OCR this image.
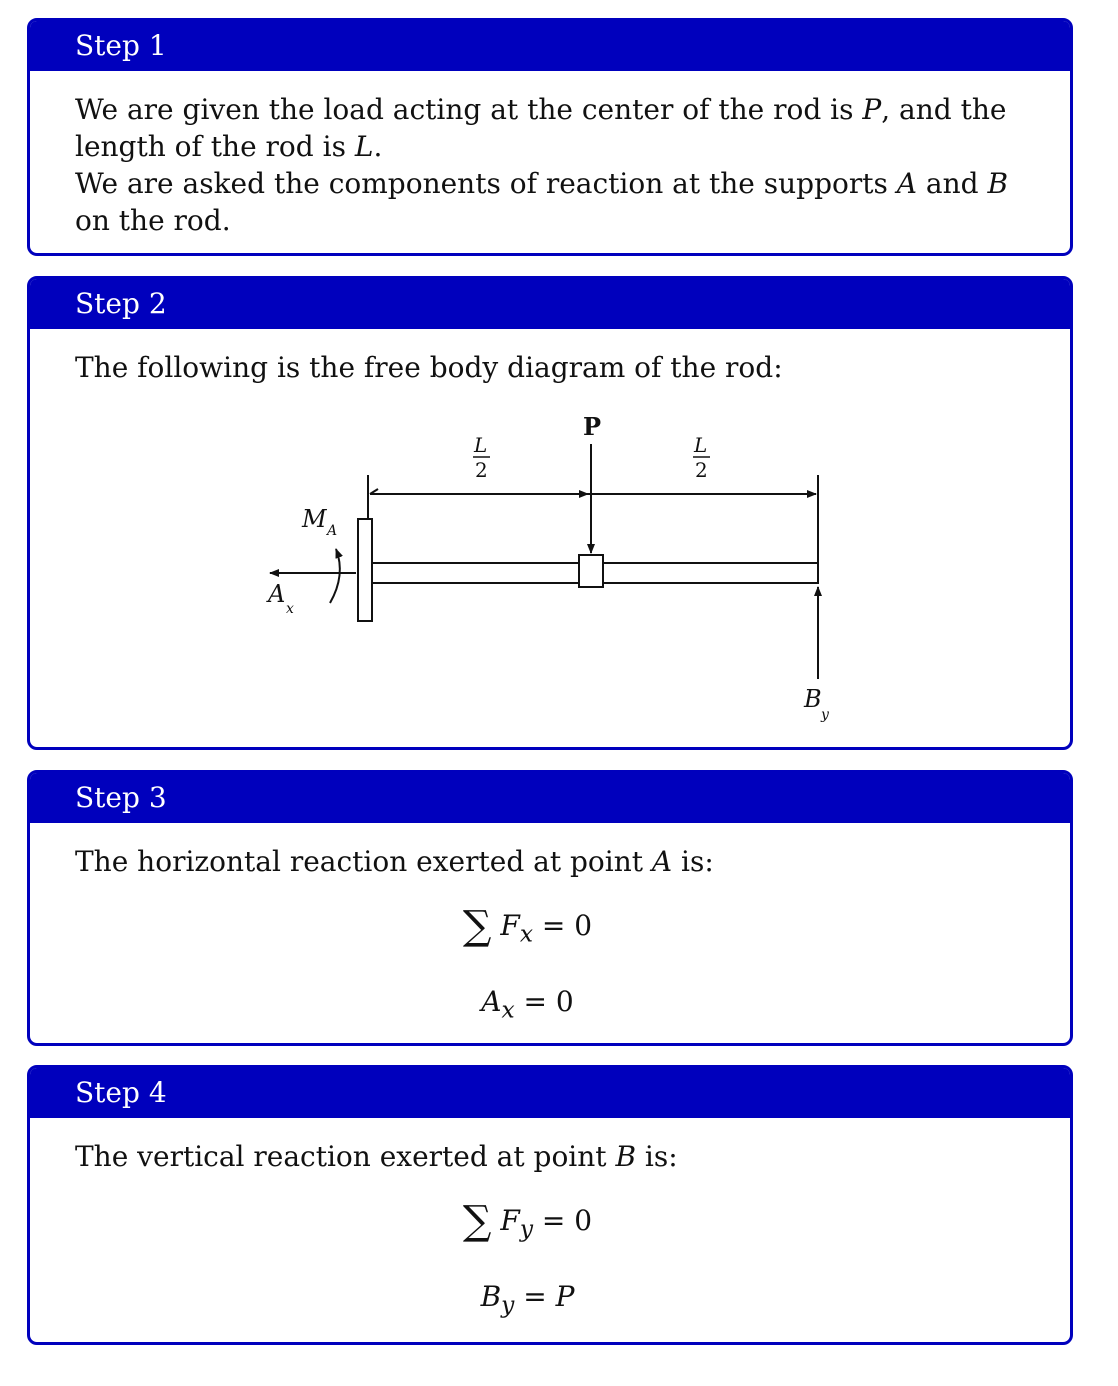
Step 1

We are given the load acting at the center of the rod is P, and the length of the rod is L.

We are asked the components of reaction at the supports A and B on the rod.

Step 2

The following is the free body diagram of the rod:

P
L
2
L
2
M A
A
x
B
y
Step 3

The horizontal reaction exerted at point A is:

∑ $F_x = 0$
$A_x = 0$
Step 4

The vertical reaction exerted at point B is:

∑ $F_y = 0$
$B_y = P$
